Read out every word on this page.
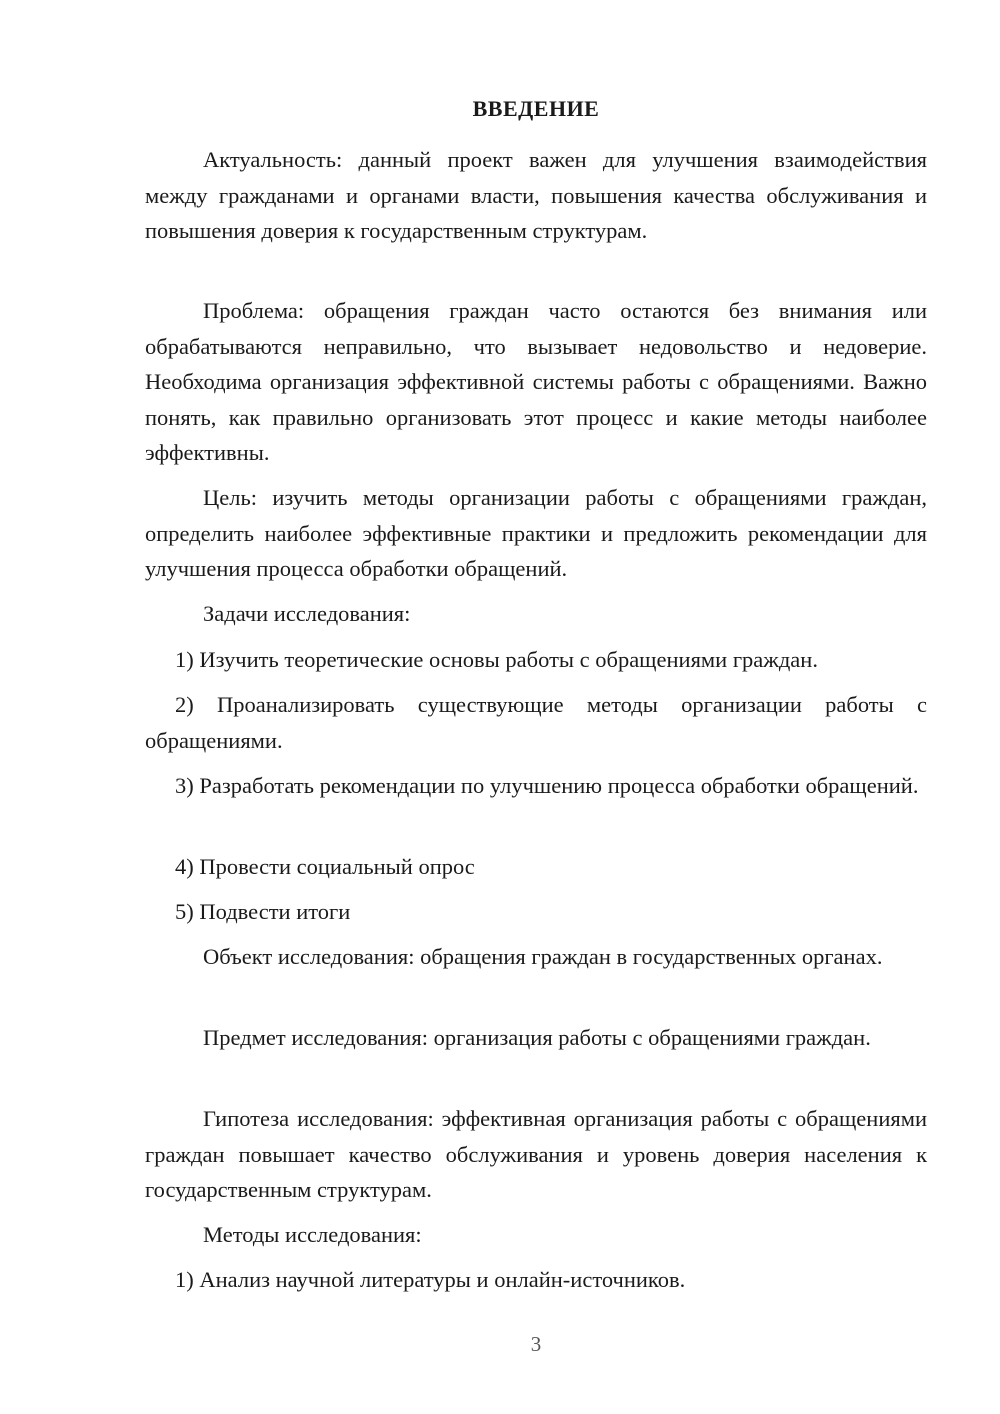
ВВЕДЕНИЕ

Актуальность: данный проект важен для улучшения взаимодействия между гражданами и органами власти, повышения качества обслуживания и повышения доверия к государственным структурам.

Проблема: обращения граждан часто остаются без внимания или обрабатываются неправильно, что вызывает недовольство и недоверие. Необходима организация эффективной системы работы с обращениями. Важно понять, как правильно организовать этот процесс и какие методы наиболее эффективны.

Цель: изучить методы организации работы с обращениями граждан, определить наиболее эффективные практики и предложить рекомендации для улучшения процесса обработки обращений.

Задачи исследования:

1) Изучить теоретические основы работы с обращениями граждан.

2) Проанализировать существующие методы организации работы с обращениями.

3) Разработать рекомендации по улучшению процесса обработки обращений.

4) Провести социальный опрос

5) Подвести итоги

Объект исследования: обращения граждан в государственных органах.

Предмет исследования: организация работы с обращениями граждан.

Гипотеза исследования: эффективная организация работы с обращениями граждан повышает качество обслуживания и уровень доверия населения к государственным структурам.

Методы исследования:

1) Анализ научной литературы и онлайн-источников.

3
